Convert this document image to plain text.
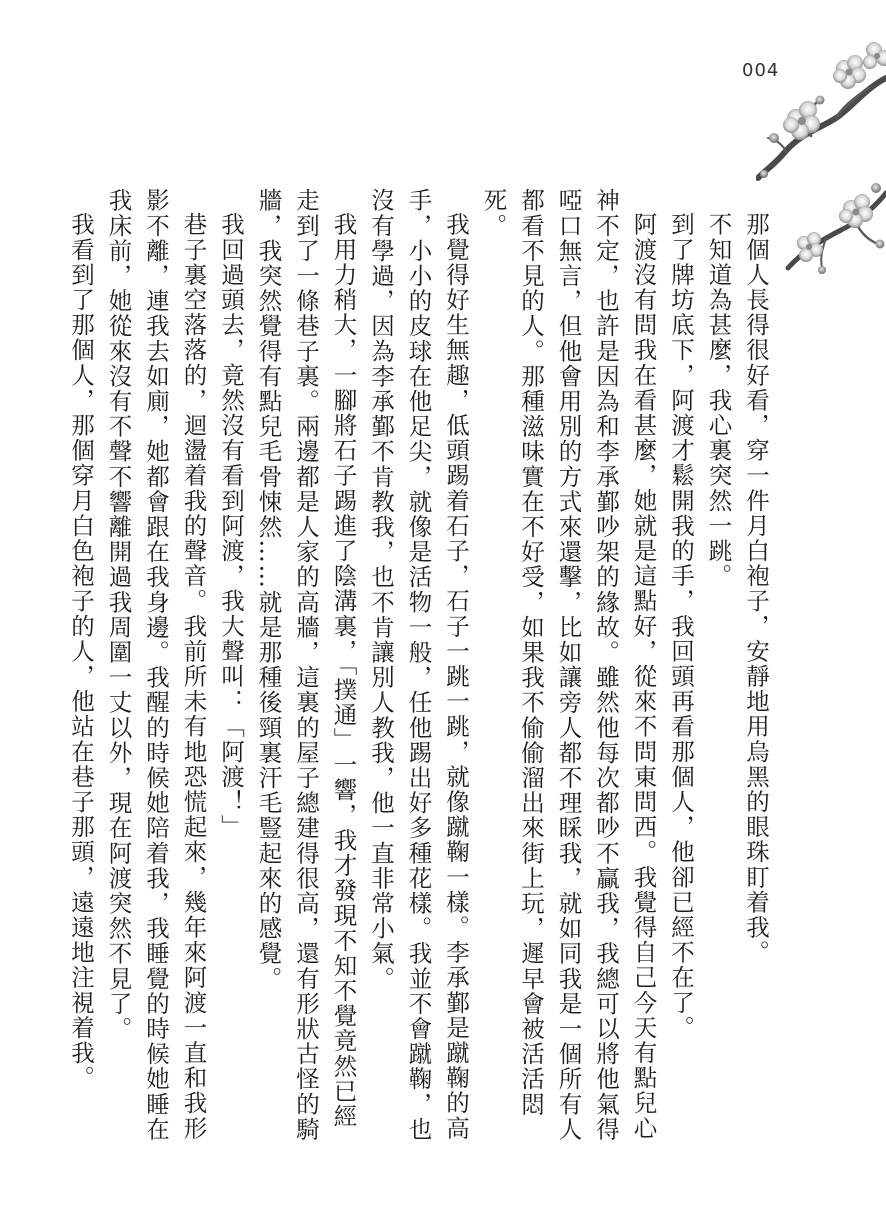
004

那個人長得很好看，穿一件月白袍子，安靜地用烏黑的眼珠盯着我。

不知道為甚麼，我心裏突然一跳。

到了牌坊底下，阿渡才鬆開我的手，我回頭再看那個人，他卻已經不在了。

阿渡沒有問我在看甚麼，她就是這點好，從來不問東問西。我覺得自己今天有點兒心神不定，也許是因為和李承鄞吵架的緣故。雖然他每次都吵不贏我，我總可以將他氣得啞口無言，但他會用別的方式來還擊，比如讓旁人都不理睬我，就如同我是一個所有人都看不見的人。那種滋味實在不好受，如果我不偷偷溜出來街上玩，遲早會被活活悶死。

我覺得好生無趣，低頭踢着石子，石子一跳一跳，就像蹴鞠一樣。李承鄞是蹴鞠的高手，小小的皮球在他足尖，就像是活物一般，任他踢出好多種花樣。我並不會蹴鞠，也沒有學過，因為李承鄞不肯教我，也不肯讓別人教我，他一直非常小氣。

我用力稍大，一腳將石子踢進了陰溝裏，「撲通」一響，我才發現不知不覺竟然已經走到了一條巷子裏。兩邊都是人家的高牆，這裏的屋子總建得很高，還有形狀古怪的騎牆，我突然覺得有點兒毛骨悚然……就是那種後頸裏汗毛豎起來的感覺。

我回過頭去，竟然沒有看到阿渡，我大聲叫：「阿渡！」

巷子裏空落落的，迴盪着我的聲音。我前所未有地恐慌起來，幾年來阿渡一直和我形影不離，連我去如廁，她都會跟在我身邊。我醒的時候她陪着我，我睡覺的時候她睡在我床前，她從來沒有不聲不響離開過我周圍一丈以外，現在阿渡突然不見了。

我看到了那個人，那個穿月白色袍子的人，他站在巷子那頭，遠遠地注視着我。
